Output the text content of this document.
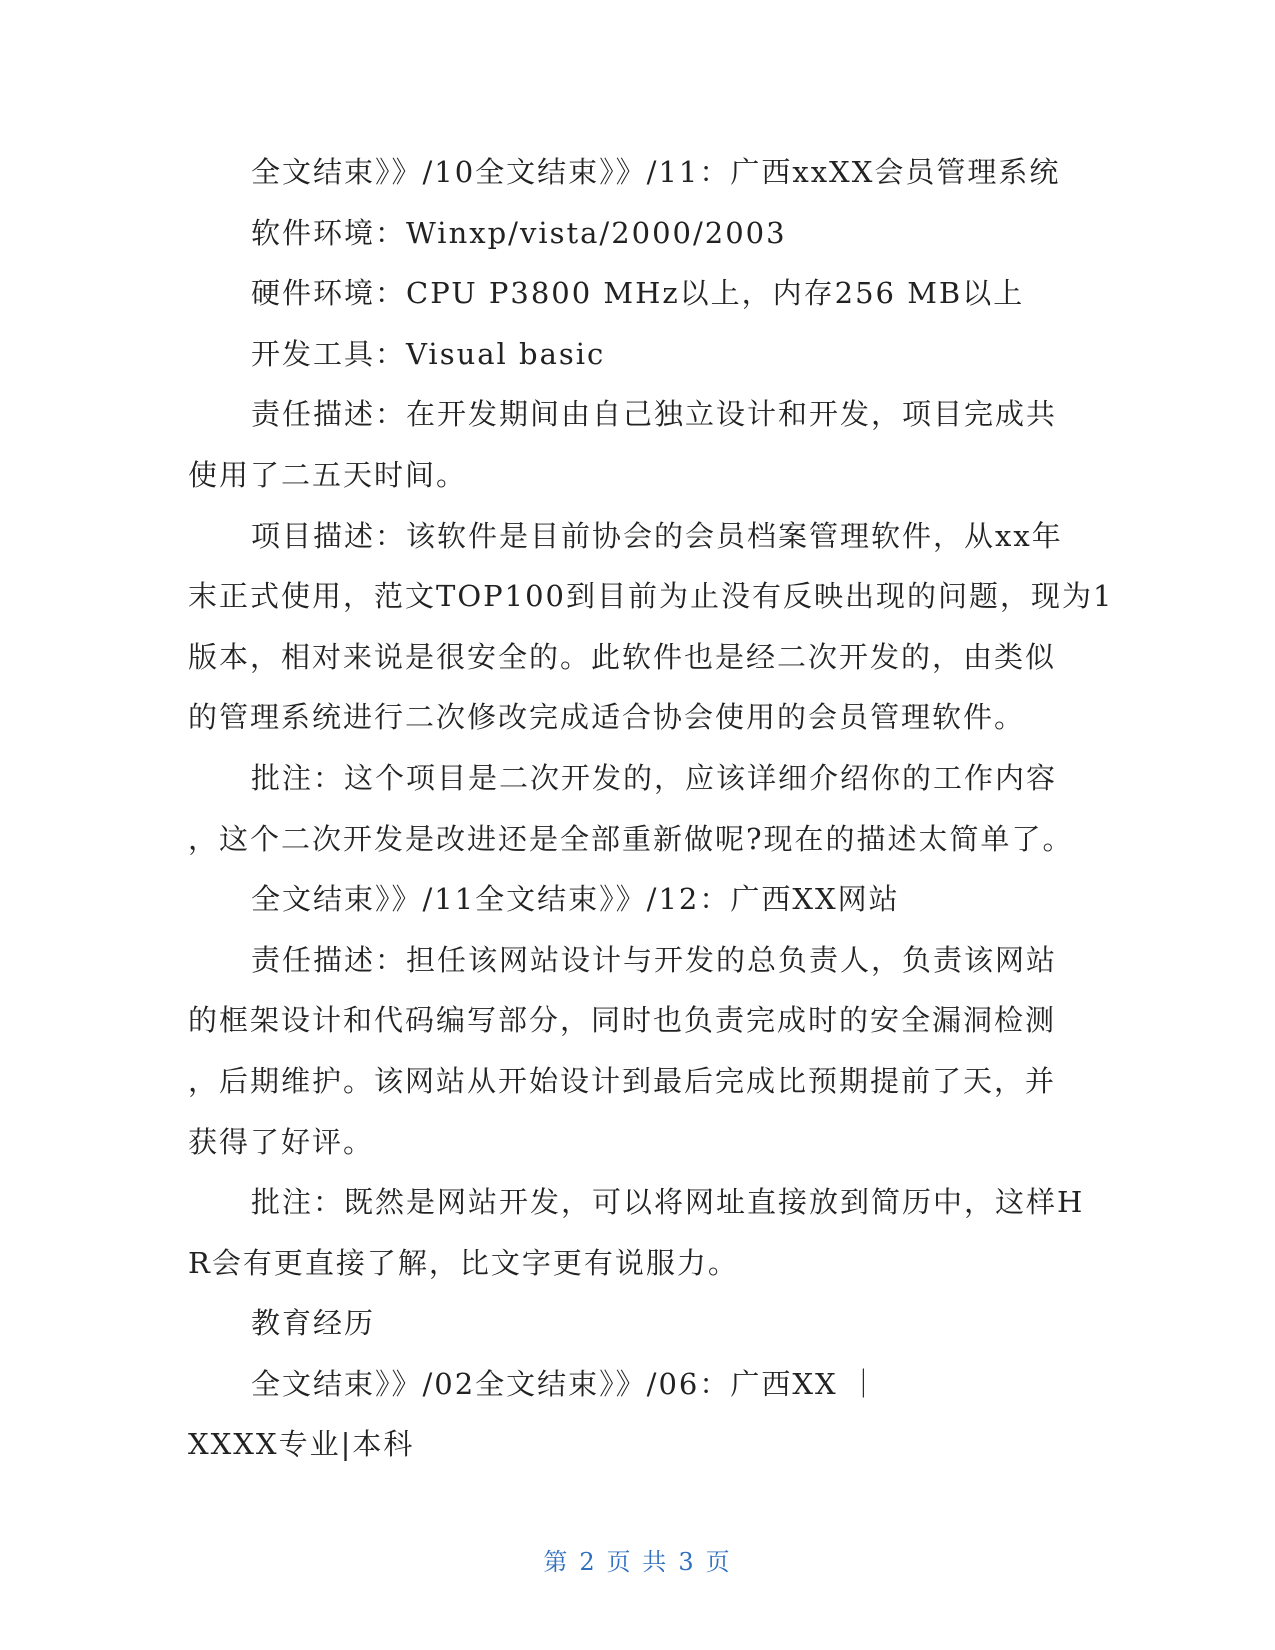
全文结束》》/10全文结束》》/11：广西xxXX会员管理系统
软件环境：Winxp/vista/2000/2003
硬件环境：CPU P3800 MHz以上，内存256 MB以上
开发工具：Visual basic
责任描述：在开发期间由自己独立设计和开发，项目完成共
使用了二五天时间。
项目描述：该软件是目前协会的会员档案管理软件，从xx年
末正式使用，范文TOP100到目前为止没有反映出现的问题，现为1
版本，相对来说是很安全的。此软件也是经二次开发的，由类似
的管理系统进行二次修改完成适合协会使用的会员管理软件。
批注：这个项目是二次开发的，应该详细介绍你的工作内容
，这个二次开发是改进还是全部重新做呢?现在的描述太简单了。
全文结束》》/11全文结束》》/12：广西XX网站
责任描述：担任该网站设计与开发的总负责人，负责该网站
的框架设计和代码编写部分，同时也负责完成时的安全漏洞检测
，后期维护。该网站从开始设计到最后完成比预期提前了天，并
获得了好评。
批注：既然是网站开发，可以将网址直接放到简历中，这样H
R会有更直接了解，比文字更有说服力。
教育经历
全文结束》》/02全文结束》》/06：广西XX ｜
XXXX专业|本科
第 2 页 共 3 页
